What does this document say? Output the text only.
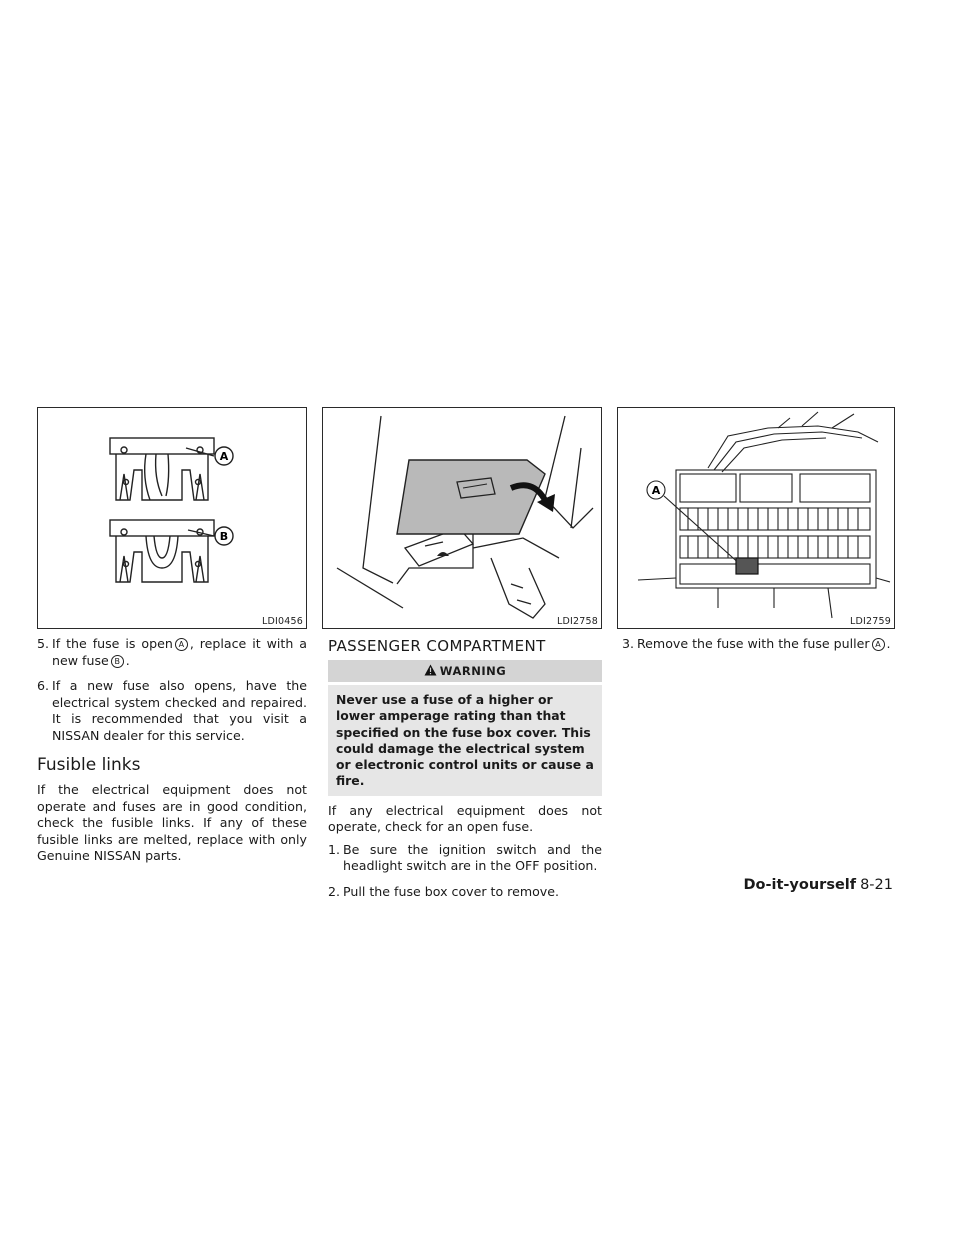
A
B
LDI0456	LDI2758
A
LDI2759
5. If the fuse is open A , replace it with a new fuse B .
6. If a new fuse also opens, have the electrical system checked and repaired. It is recommended that you visit a NISSAN dealer for this service.
Fusible links

If the electrical equipment does not operate and fuses are in good condition, check the fusible links. If any of these fusible links are melted, replace with only Genuine NISSAN parts.

PASSENGER COMPARTMENT
WARNING
Never use a fuse of a higher or lower amperage rating than that specified on the fuse box cover. This could damage the electrical system or electronic control units or cause a fire.

If any electrical equipment does not operate, check for an open fuse.

1. Be sure the ignition switch and the headlight switch are in the OFF position.
2. Pull the fuse box cover to remove.
3. Remove the fuse with the fuse puller A .
Do-it-yourself 8-21
